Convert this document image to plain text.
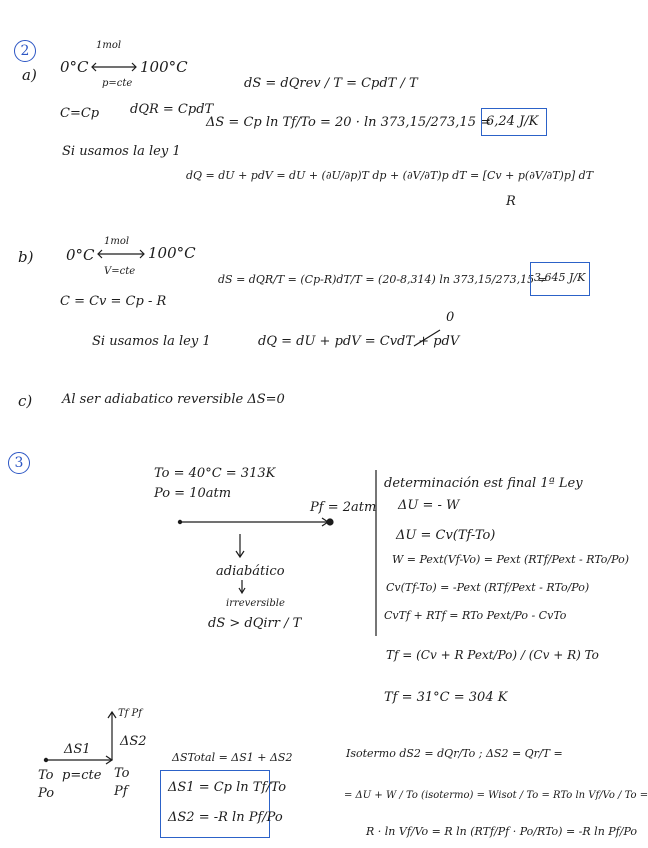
2
a)
1mol
0°C	100°C
p=cte
C=Cp dQR = CpdT
dS = dQrev / T = CpdT / T
ΔS = Cp ln Tf/To = 20 · ln 373,15/273,15 =
6,24 J/K
Si usamos la ley 1
dQ = dU + pdV = dU + (∂U/∂p)T dp + (∂V/∂T)p dT = [Cv + p(∂V/∂T)p] dT
R
b)
1mol
0°C	100°C
V=cte
dS = dQR/T = (Cp-R)dT/T = (20-8,314) ln 373,15/273,15 =
3,645 J/K
C = Cv = Cp - R
Si usamos la ley 1	dQ = dU + pdV = CvdT + pdV
0
c) Al ser adiabatico reversible ΔS=0
3
To = 40°C = 313K
Po = 10atm
Pf = 2atm
adiabático
irreversible
dS > dQirr / T
determinación est final 1ª Ley
ΔU = - W
ΔU = Cv(Tf-To)
W = Pext(Vf-Vo) = Pext (RTf/Pext - RTo/Po)
Cv(Tf-To) = -Pext (RTf/Pext - RTo/Po)
CvTf + RTf = RTo Pext/Po - CvTo
Tf = (Cv + R Pext/Po) / (Cv + R) To
Tf = 31°C = 304 K
ΔS1
ΔS2
Tf Pf
To
Po
p=cte To
Pf
ΔSTotal = ΔS1 + ΔS2
ΔS1 = Cp ln Tf/To
ΔS2 = -R ln Pf/Po
Isotermo dS2 = dQr/To ; ΔS2 = Qr/T =
= ΔU + W / To (isotermo) = Wisot / To = RTo ln Vf/Vo / To =
R · ln Vf/Vo = R ln (RTf/Pf · Po/RTo) = -R ln Pf/Po
